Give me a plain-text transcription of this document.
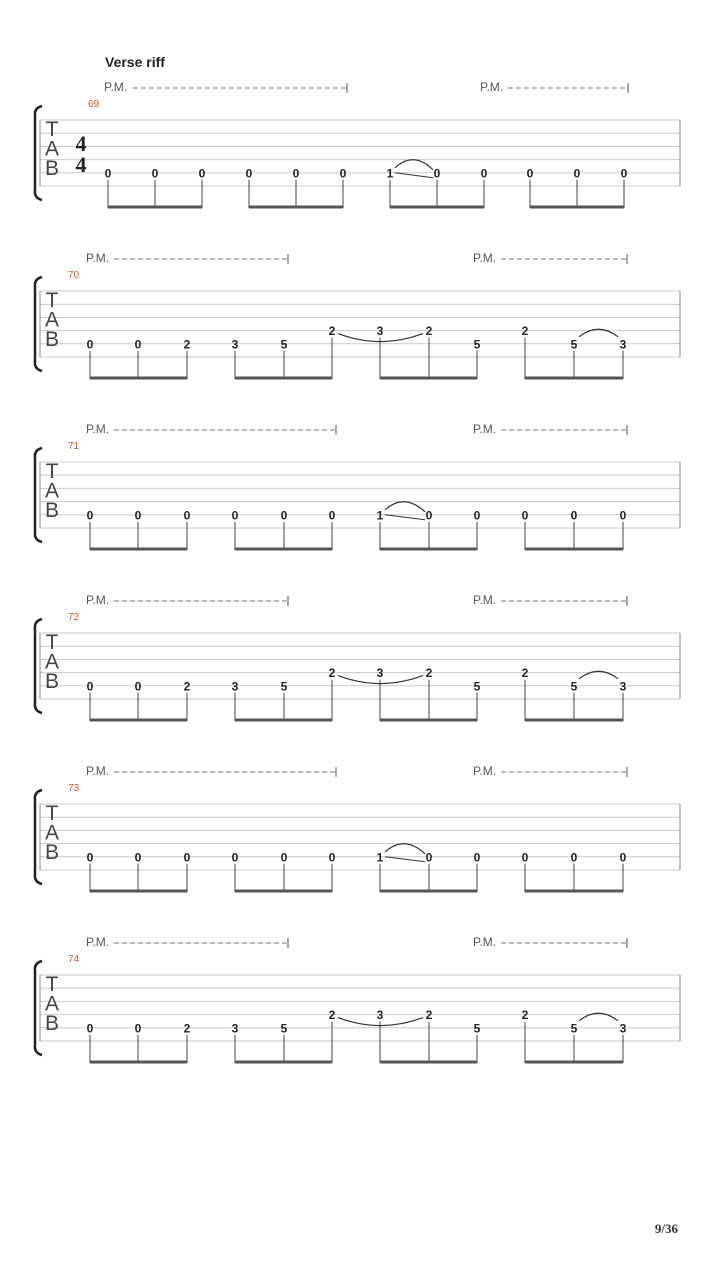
Verse riff
P.M.	P.M.
69
T
A
B
4
4 0	0	0	0	0	0	1	0	0	0	0	0
P.M.	P.M.
70
T
A
B 0	0	2	3	5
2	3	2
5
2
5	3
P.M.	P.M.
71
T
A
B 0	0	0	0	0	0	1	0	0	0	0	0
P.M.	P.M.
72
T
A
B 0	0	2	3	5
2	3	2
5
2
5	3
P.M.	P.M.
73
T
A
B 0	0	0	0	0	0	1	0	0	0	0	0
P.M.	P.M.
74
T
A
B 0	0	2	3	5
2	3	2
5
2
5	3
9/36
